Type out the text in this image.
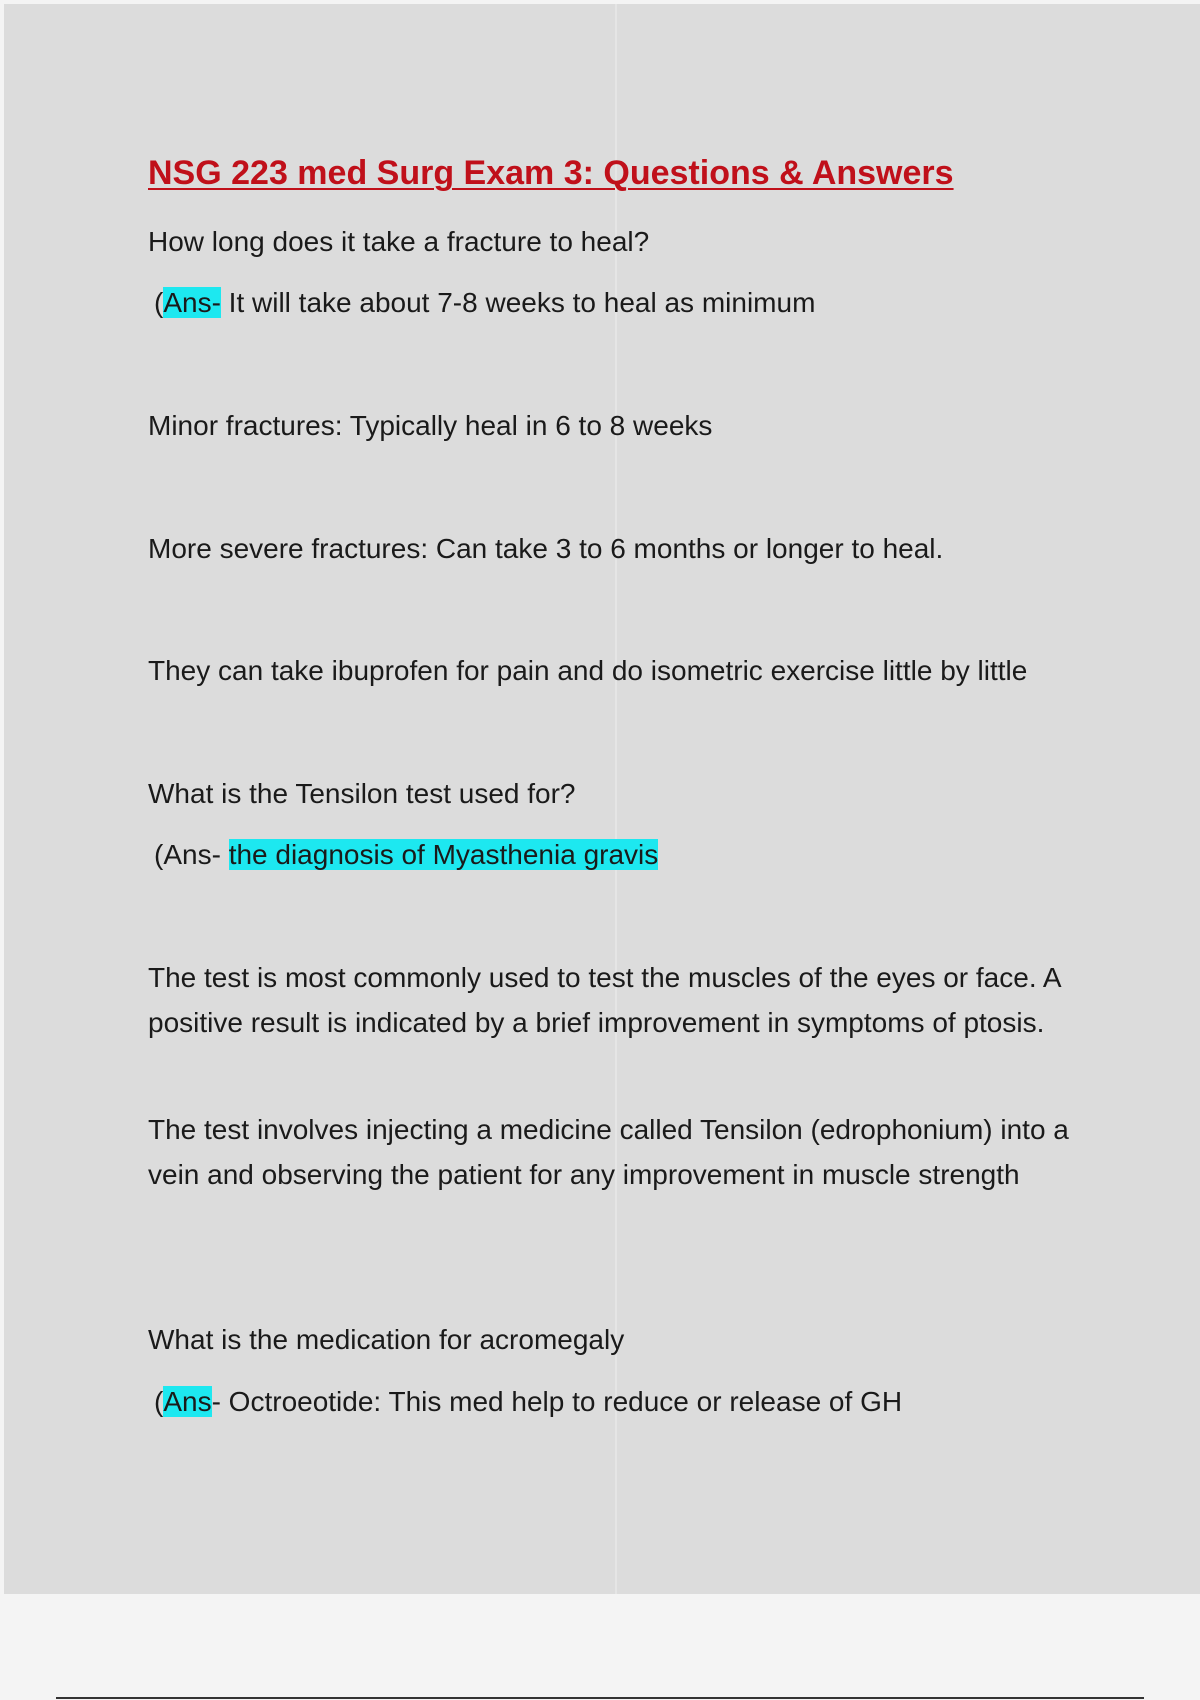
NSG 223 med Surg Exam 3: Questions & Answers
How long does it take a fracture to heal?
(Ans- It will take about 7-8 weeks to heal as minimum
Minor fractures: Typically heal in 6 to 8 weeks
More severe fractures: Can take 3 to 6 months or longer to heal.
They can take ibuprofen for pain and do isometric exercise little by little
What is the Tensilon test used for?
(Ans- the diagnosis of Myasthenia gravis
The test is most commonly used to test the muscles of the eyes or face. A positive result is indicated by a brief improvement in symptoms of ptosis.
The test involves injecting a medicine called Tensilon (edrophonium) into a vein and observing the patient for any improvement in muscle strength
What is the medication for acromegaly
(Ans- Octroeotide: This med help to reduce or release of GH
